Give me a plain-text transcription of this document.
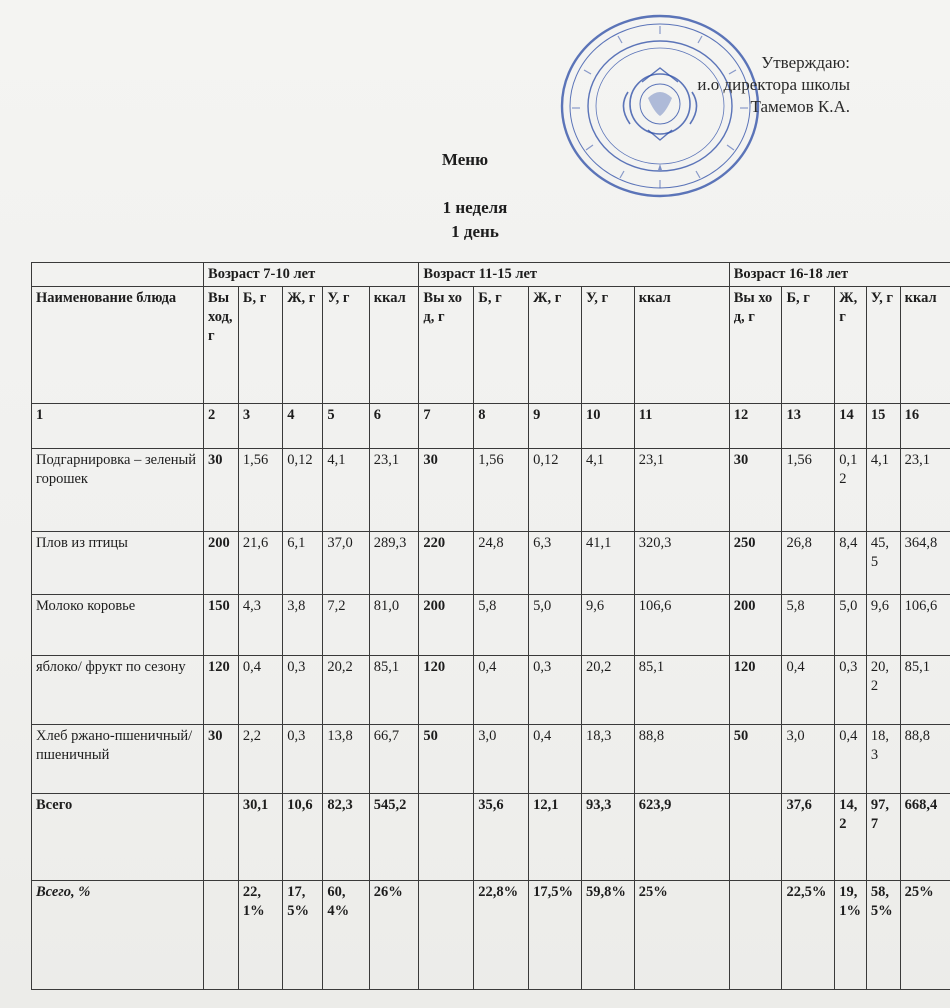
Утверждаю:
и.о директора школы
Тамемов К.А.
Меню
1 неделя
1 день
	Возраст 7-10 лет					Возраст 11-15 лет					Возраст 16-18 лет				
Наименование блюда	Вы ход, г	Б, г	Ж, г	У, г	ккал	Вы ход, г	Б, г	Ж, г	У, г	ккал	Вы ход, г	Б, г	Ж, г	У, г	ккал
1	2	3	4	5	6	7	8	9	10	11	12	13	14	15	16
Подгарнировка – зеленый горошек	30	1,56	0,12	4,1	23,1	30	1,56	0,12	4,1	23,1	30	1,56	0,12	4,1	23,1
Плов из птицы	200	21,6	6,1	37,0	289,3	220	24,8	6,3	41,1	320,3	250	26,8	8,4	45,5	364,8
Молоко коровье	150	4,3	3,8	7,2	81,0	200	5,8	5,0	9,6	106,6	200	5,8	5,0	9,6	106,6
яблоко/ фрукт по сезону	120	0,4	0,3	20,2	85,1	120	0,4	0,3	20,2	85,1	120	0,4	0,3	20,2	85,1
Хлеб ржано-пшеничный/ пшеничный	30	2,2	0,3	13,8	66,7	50	3,0	0,4	18,3	88,8	50	3,0	0,4	18,3	88,8
Всего		30,1	10,6	82,3	545,2		35,6	12,1	93,3	623,9		37,6	14,2	97,7	668,4
Всего, %		22,1%	17,5%	60,4%	26%		22,8%	17,5%	59,8%	25%		22,5%	19,1%	58,5%	25%
